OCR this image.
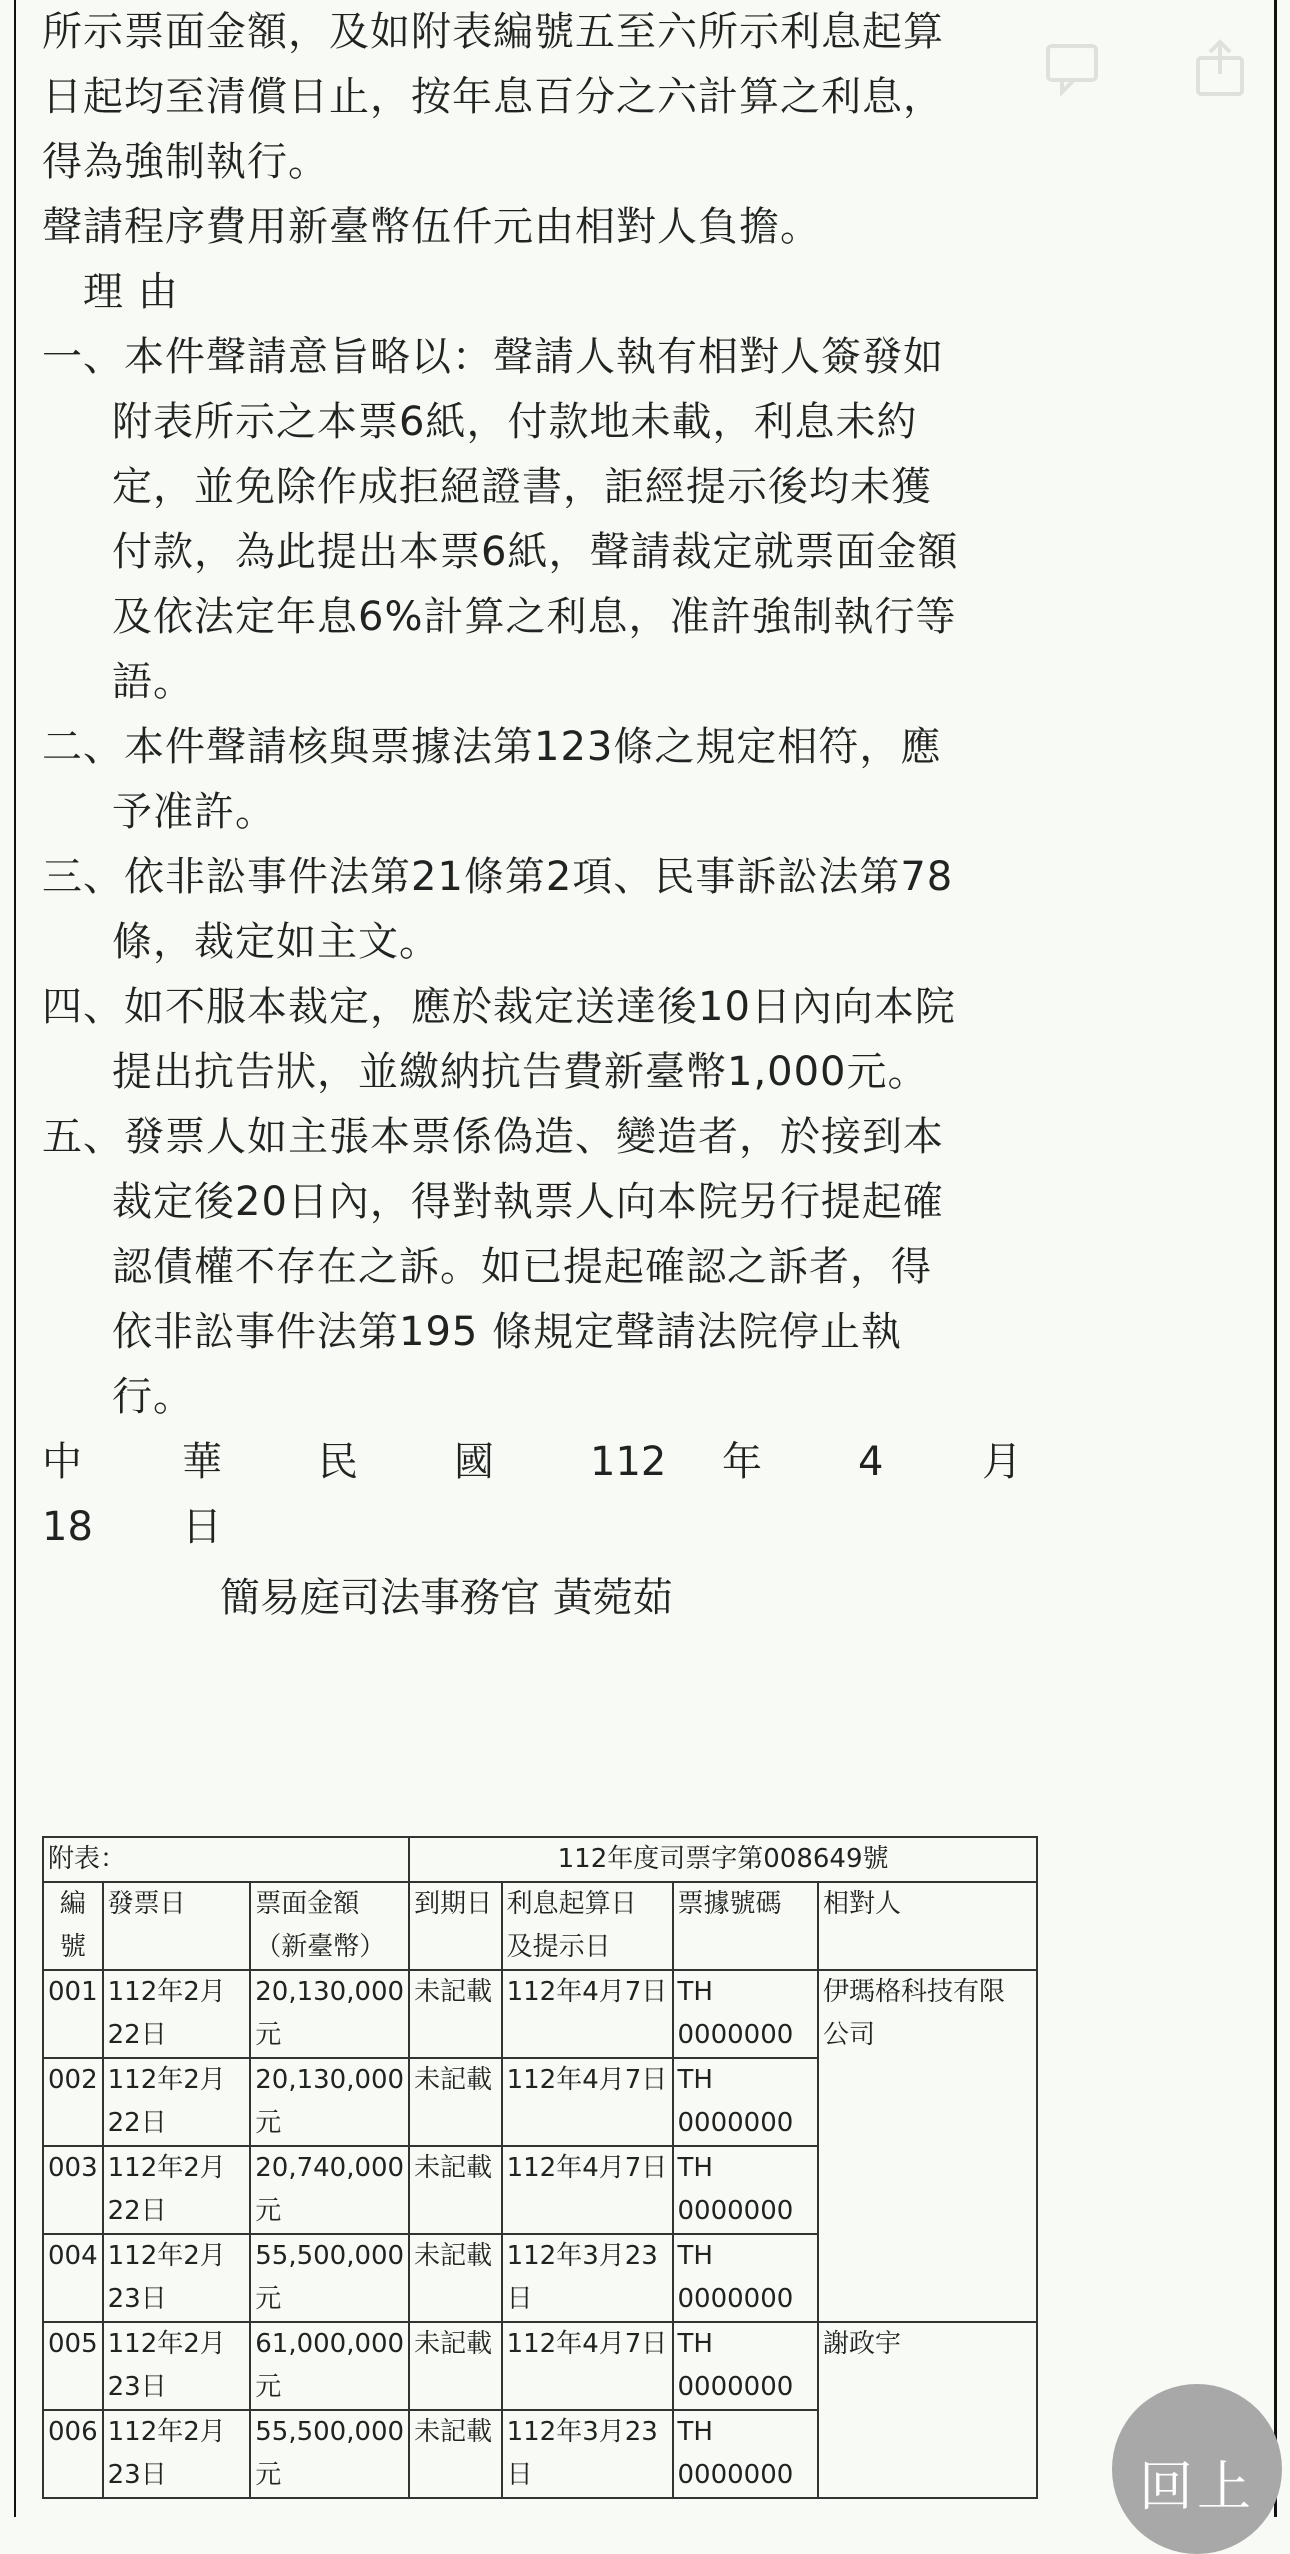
所示票面金額，及如附表編號五至六所示利息起算
日起均至清償日止，按年息百分之六計算之利息，
得為強制執行。
聲請程序費用新臺幣伍仟元由相對人負擔。
　理 由
一、本件聲請意旨略以：聲請人執有相對人簽發如
附表所示之本票6紙，付款地未載，利息未約
定，並免除作成拒絕證書，詎經提示後均未獲
付款，為此提出本票6紙，聲請裁定就票面金額
及依法定年息6%計算之利息，准許強制執行等
語。
二、本件聲請核與票據法第123條之規定相符，應
予准許。
三、依非訟事件法第21條第2項、民事訴訟法第78
條，裁定如主文。
四、如不服本裁定，應於裁定送達後10日內向本院
提出抗告狀，並繳納抗告費新臺幣1,000元。
五、發票人如主張本票係偽造、變造者，於接到本
裁定後20日內，得對執票人向本院另行提起確
認債權不存在之訴。如已提起確認之訴者，得
依非訟事件法第195 條規定聲請法院停止執
行。
中	華 民 國 112 年 4 月
18 日
簡易庭司法事務官 黃菀茹
附表：			112年度司票字第008649號			
編
號	發票日	票面金額
（新臺幣）	到期日	利息起算日
及提示日	票據號碼	相對人
001	112年2月
22日	20,130,000
元	未記載	112年4月7日	TH
0000000	伊瑪格科技有限
公司
002	112年2月
22日	20,130,000
元	未記載	112年4月7日	TH
0000000	
003	112年2月
22日	20,740,000
元	未記載	112年4月7日	TH
0000000	
004	112年2月
23日	55,500,000
元	未記載	112年3月23
日	TH
0000000	
005	112年2月
23日	61,000,000
元	未記載	112年4月7日	TH
0000000	謝政宇
006	112年2月
23日	55,500,000
元	未記載	112年3月23
日	TH
0000000		回上
